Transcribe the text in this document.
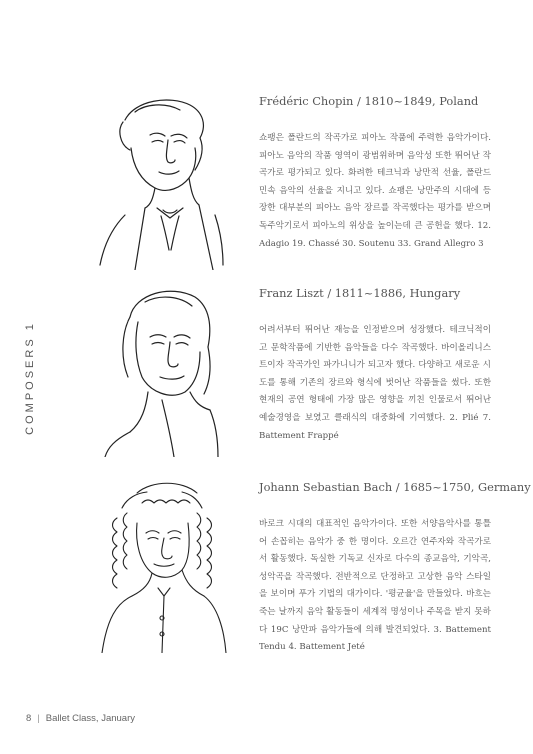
COMPOSERS 1

Frédéric Chopin / 1810~1849, Poland

쇼팽은 폴란드의 작곡가로 피아노 작품에 주력한 음악가이다. 피아노 음악의 작품 영역이 광범위하며 음악성 또한 뛰어난 작곡가로 평가되고 있다. 화려한 테크닉과 낭만적 선율, 폴란드 민속 음악의 선율을 지니고 있다. 쇼팽은 낭만주의 시대에 등장한 대부분의 피아노 음악 장르를 작곡했다는 평가를 받으며 독주악기로서 피아노의 위상을 높이는데 큰 공헌을 했다. 12. Adagio 19. Chassé 30. Soutenu 33. Grand Allegro 3

Franz Liszt / 1811~1886, Hungary

어려서부터 뛰어난 재능을 인정받으며 성장했다. 테크닉적이고 문학작품에 기반한 음악들을 다수 작곡했다. 바이올리니스트이자 작곡가인 파가니니가 되고자 했다. 다양하고 새로운 시도를 통해 기존의 장르와 형식에 벗어난 작품들을 썼다. 또한 현재의 공연 형태에 가장 많은 영향을 끼친 인물로서 뛰어난 예술경영을 보였고 클래식의 대중화에 기여했다. 2. Plié 7. Battement Frappé

Johann Sebastian Bach / 1685~1750, Germany

바로크 시대의 대표적인 음악가이다. 또한 서양음악사를 통틀어 손꼽히는 음악가 중 한 명이다. 오르간 연주자와 작곡가로서 활동했다. 독실한 기독교 신자로 다수의 종교음악, 기악곡, 성악곡을 작곡했다. 전반적으로 단정하고 고상한 음악 스타일을 보이며 푸가 기법의 대가이다. '평균율'을 만들었다. 바흐는 죽는 날까지 음악 활동들이 세계적 명성이나 주목을 받지 못하다 19C 낭만파 음악가들에 의해 발견되었다. 3. Battement Tendu 4. Battement Jeté

8 | Ballet Class, January
